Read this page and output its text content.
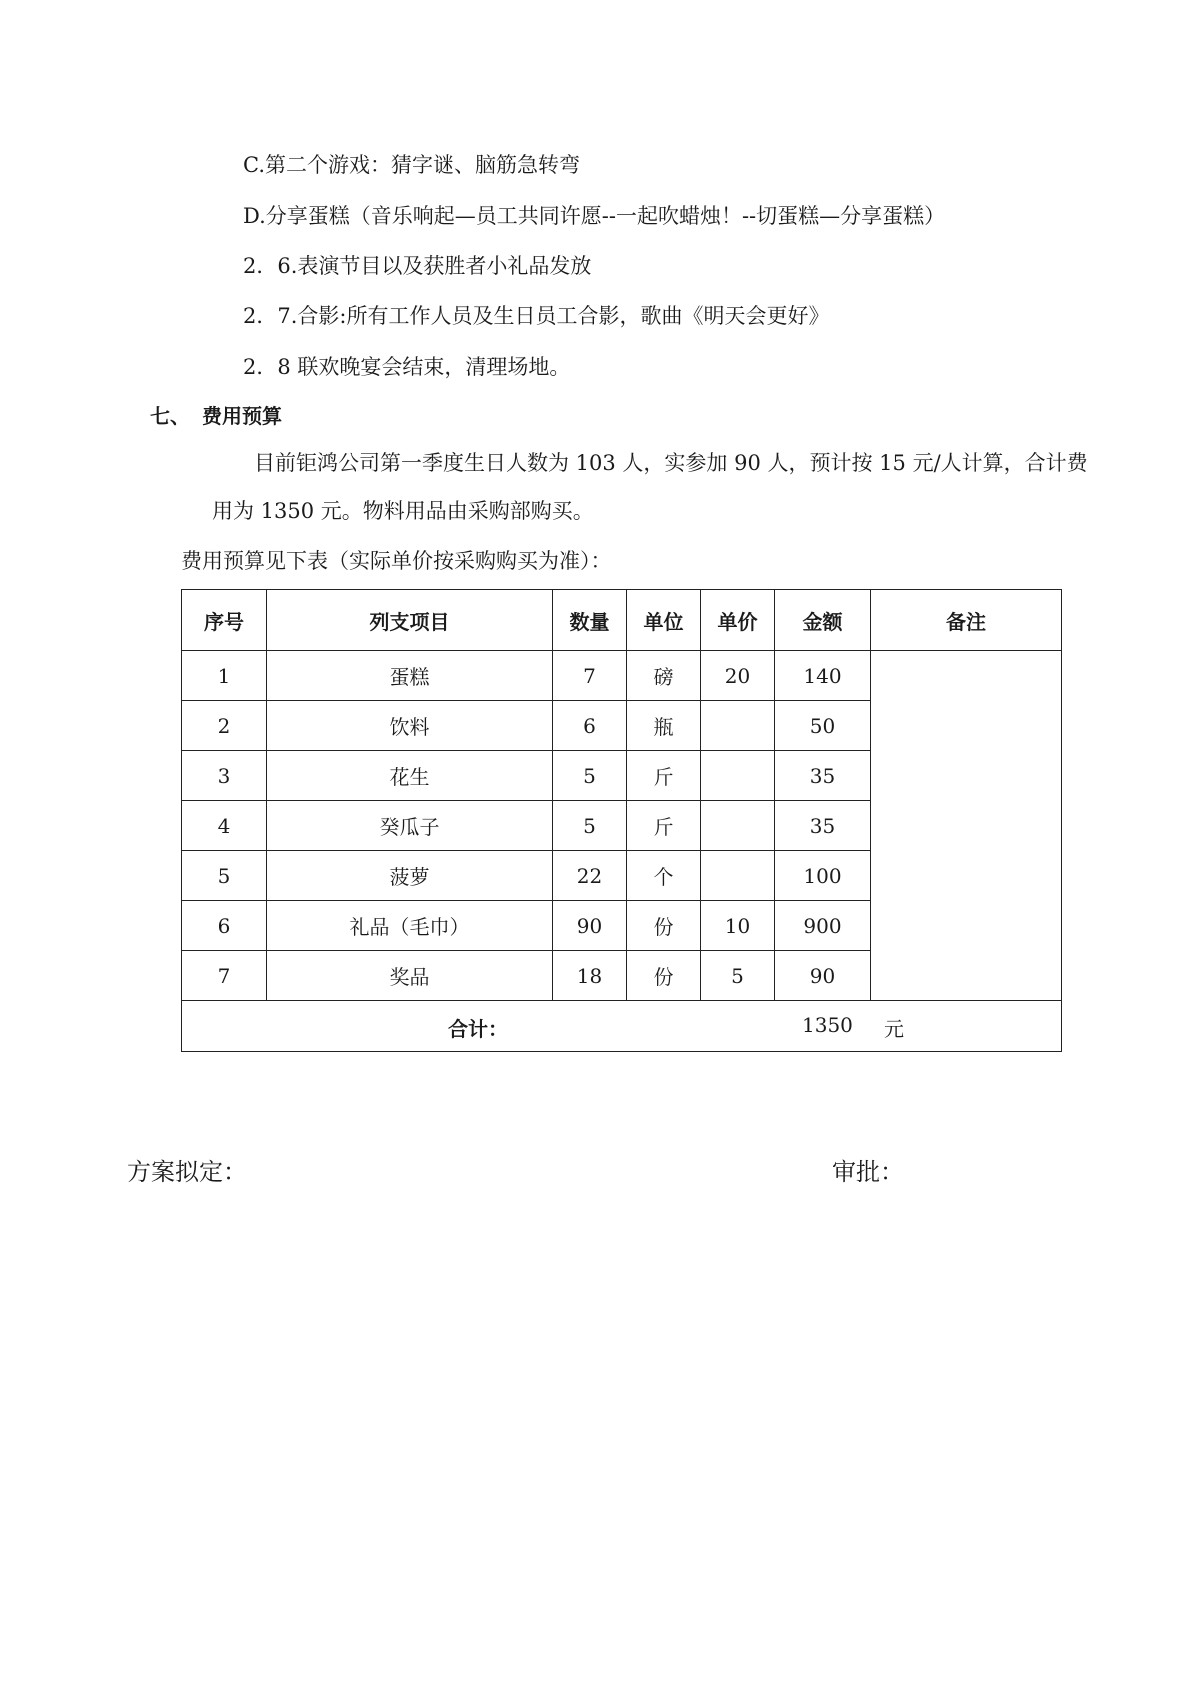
C.第二个游戏：猜字谜、脑筋急转弯
D.分享蛋糕（音乐响起—员工共同许愿--一起吹蜡烛！--切蛋糕—分享蛋糕）
2．6.表演节目以及获胜者小礼品发放
2．7.合影:所有工作人员及生日员工合影，歌曲《明天会更好》
2．8 联欢晚宴会结束，清理场地。
七、 费用预算
目前钜鸿公司第一季度生日人数为 103 人，实参加 90 人，预计按 15 元/人计算，合计费
用为 1350 元。物料用品由采购部购买。
费用预算见下表（实际单价按采购购买为准）：
序号	列支项目	数量	单位	单价	金额	备注
1	蛋糕	7	磅	20	140	
2	饮料	6	瓶		50	
3	花生	5	斤		35	
4	癸瓜子	5	斤		35	
5	菠萝	22	个		100	
6	礼品（毛巾）	90	份	10	900	
7	奖品	18	份	5	90	

合计： 1350 元						
方案拟定：	审批：
